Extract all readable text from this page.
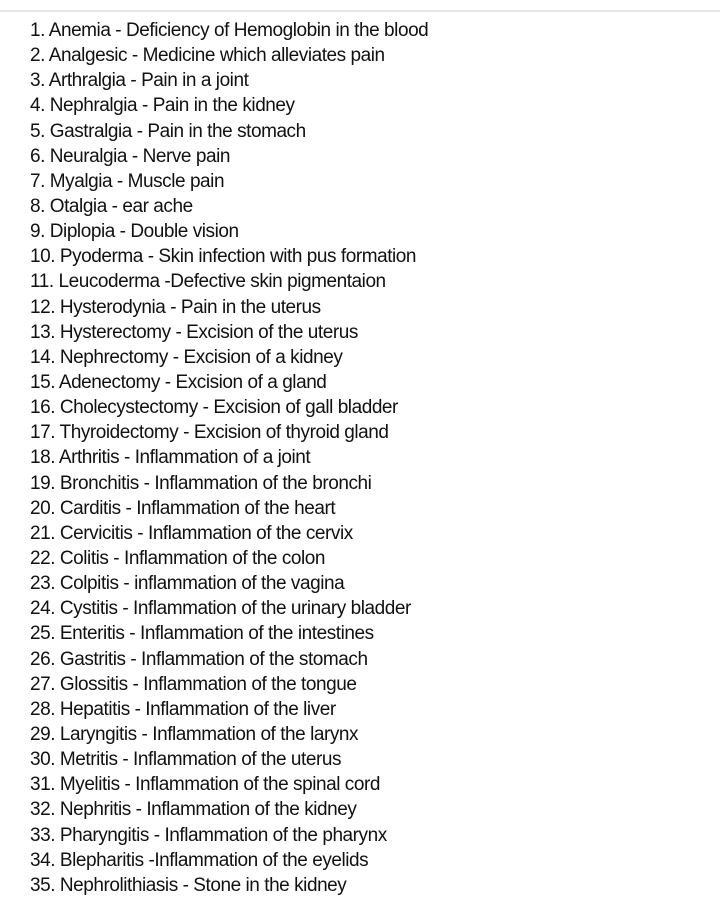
1. Anemia - Deficiency of Hemoglobin in the blood
2. Analgesic - Medicine which alleviates pain
3. Arthralgia - Pain in a joint
4. Nephralgia - Pain in the kidney
5. Gastralgia - Pain in the stomach
6. Neuralgia - Nerve pain
7. Myalgia - Muscle pain
8. Otalgia - ear ache
9. Diplopia - Double vision
10. Pyoderma - Skin infection with pus formation
11. Leucoderma -Defective skin pigmentaion
12. Hysterodynia - Pain in the uterus
13. Hysterectomy - Excision of the uterus
14. Nephrectomy - Excision of a kidney
15. Adenectomy - Excision of a gland
16. Cholecystectomy - Excision of gall bladder
17. Thyroidectomy - Excision of thyroid gland
18. Arthritis - Inflammation of a joint
19. Bronchitis - Inflammation of the bronchi
20. Carditis - Inflammation of the heart
21. Cervicitis - Inflammation of the cervix
22. Colitis - Inflammation of the colon
23. Colpitis - inflammation of the vagina
24. Cystitis - Inflammation of the urinary bladder
25. Enteritis - Inflammation of the intestines
26. Gastritis - Inflammation of the stomach
27. Glossitis - Inflammation of the tongue
28. Hepatitis - Inflammation of the liver
29. Laryngitis - Inflammation of the larynx
30. Metritis - Inflammation of the uterus
31. Myelitis - Inflammation of the spinal cord
32. Nephritis - Inflammation of the kidney
33. Pharyngitis - Inflammation of the pharynx
34. Blepharitis -Inflammation of the eyelids
35. Nephrolithiasis - Stone in the kidney
